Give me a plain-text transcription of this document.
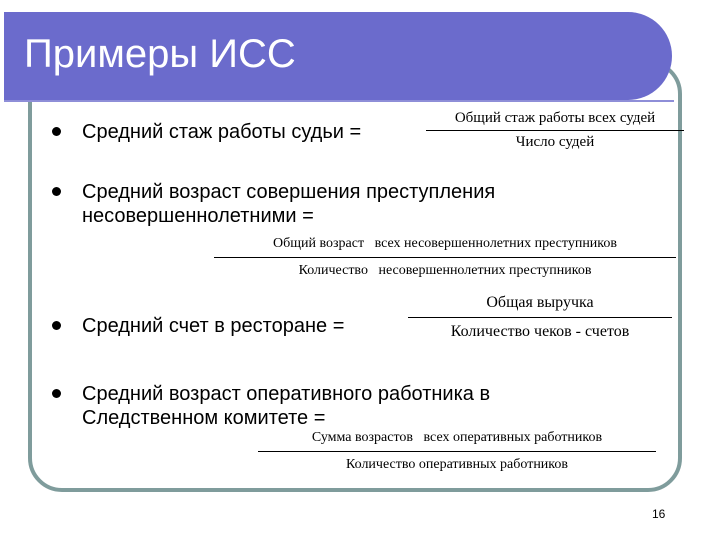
Примеры ИСС
Средний стаж работы судьи =
Общий стаж работы всех судей
Число судей
Средний возраст совершения преступления
несовершеннолетними =
Общий возраст   всех несовершеннолетних преступников
Количество   несовершеннолетних преступников
Средний счет в ресторане =
Общая выручка
Количество чеков - счетов
Средний возраст оперативного работника в
Следственном комитете =
Сумма возрастов   всех оперативных работников
Количество оперативных работников
16
